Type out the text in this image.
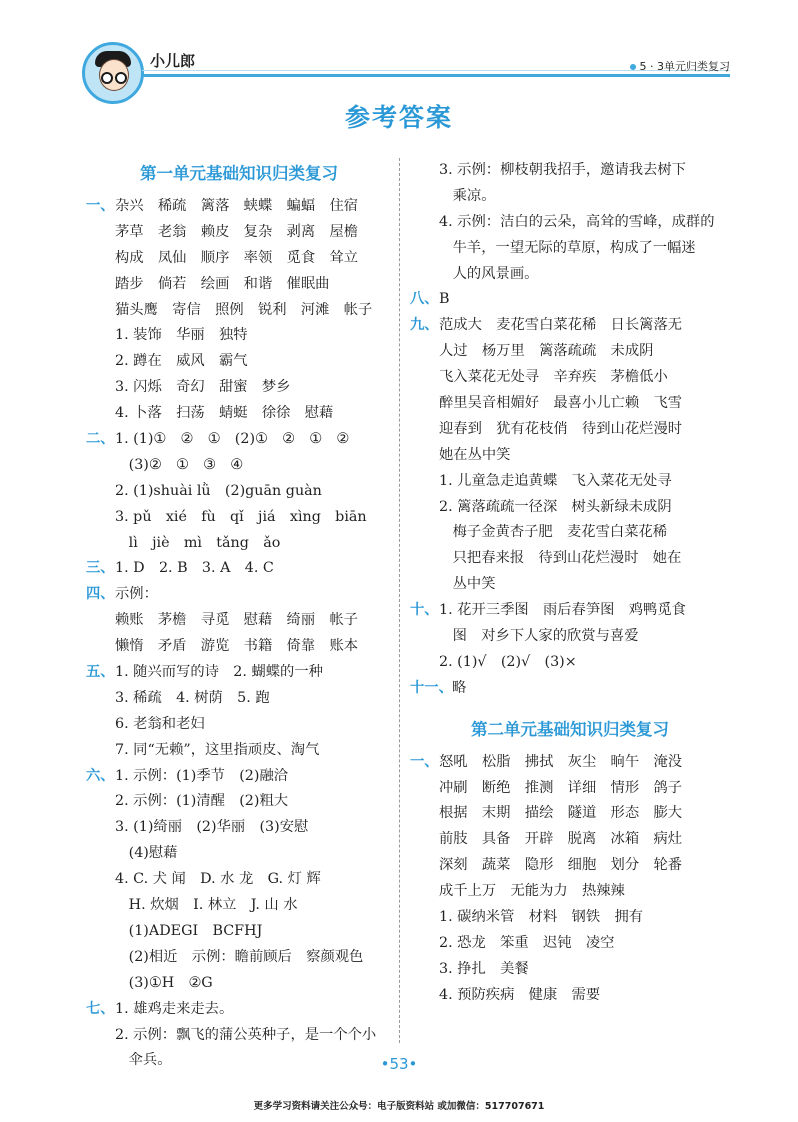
小儿郎	5 · 3单元归类复习
参考答案
第一单元基础知识归类复习
一、 杂兴　稀疏　篱落　蛱蝶　蝙蝠　住宿
茅草　老翁　赖皮　复杂　剥离　屋檐
构成　凤仙　顺序　率领　觅食　耸立
踏步　倘若　绘画　和谐　催眠曲
猫头鹰　寄信　照例　锐利　河滩　帐子
1. 装饰　华丽　独特
2. 蹲在　威风　霸气
3. 闪烁　奇幻　甜蜜　梦乡
4. 卜落　扫荡　蜻蜓　徐徐　慰藉
二、 1. (1)①　②　①　(2)①　②　①　②
(3)②　①　③　④
2. (1)shuài lǜ　(2)guān guàn
3. pǔ　xié　fù　qǐ　jiá　xìng　biān
lì　jiè　mì　tǎng　ǎo
三、 1. D　2. B　3. A　4. C
四、 示例：
赖账　茅檐　寻觅　慰藉　绮丽　帐子
懒惰　矛盾　游览　书籍　倚靠　账本
五、 1. 随兴而写的诗　2. 蝴蝶的一种
3. 稀疏　4. 树荫　5. 跑
6. 老翁和老妇
7. 同“无赖”，这里指顽皮、淘气
六、 1. 示例：(1)季节　(2)融洽
2. 示例：(1)清醒　(2)粗大
3. (1)绮丽　(2)华丽　(3)安慰
(4)慰藉
4. C. 犬 闻　D. 水 龙　G. 灯 辉
H. 炊烟　I. 林立　J. 山 水
(1)ADEGI　BCFHJ
(2)相近　示例：瞻前顾后　察颜观色
(3)①H　②G
七、 1. 雄鸡走来走去。
2. 示例：飘飞的蒲公英种子，是一个个小
伞兵。
3. 示例：柳枝朝我招手，邀请我去树下
乘凉。
4. 示例：洁白的云朵，高耸的雪峰，成群的
牛羊，一望无际的草原，构成了一幅迷
人的风景画。
八、 B
九、 范成大　麦花雪白菜花稀　日长篱落无
人过　杨万里　篱落疏疏　未成阴
飞入菜花无处寻　辛弃疾　茅檐低小
醉里吴音相媚好　最喜小儿亡赖　飞雪
迎春到　犹有花枝俏　待到山花烂漫时
她在丛中笑
1. 儿童急走追黄蝶　飞入菜花无处寻
2. 篱落疏疏一径深　树头新绿未成阴
梅子金黄杏子肥　麦花雪白菜花稀
只把春来报　待到山花烂漫时　她在
丛中笑
十、 1. 花开三季图　雨后春笋图　鸡鸭觅食
图　对乡下人家的欣赏与喜爱
2. (1)√　(2)√　(3)×
十一、 略
第二单元基础知识归类复习
一、 怒吼　松脂　拂拭　灰尘　晌午　淹没
冲刷　断绝　推测　详细　情形　鸽子
根据　末期　描绘　隧道　形态　膨大
前肢　具备　开辟　脱离　冰箱　病灶
深刻　蔬菜　隐形　细胞　划分　轮番
成千上万　无能为力　热辣辣
1. 碳纳米管　材料　钢铁　拥有
2. 恐龙　笨重　迟钝　凌空
3. 挣扎　美餐
4. 预防疾病　健康　需要
•53•
更多学习资料请关注公众号：电子版资料站 或加微信：517707671
